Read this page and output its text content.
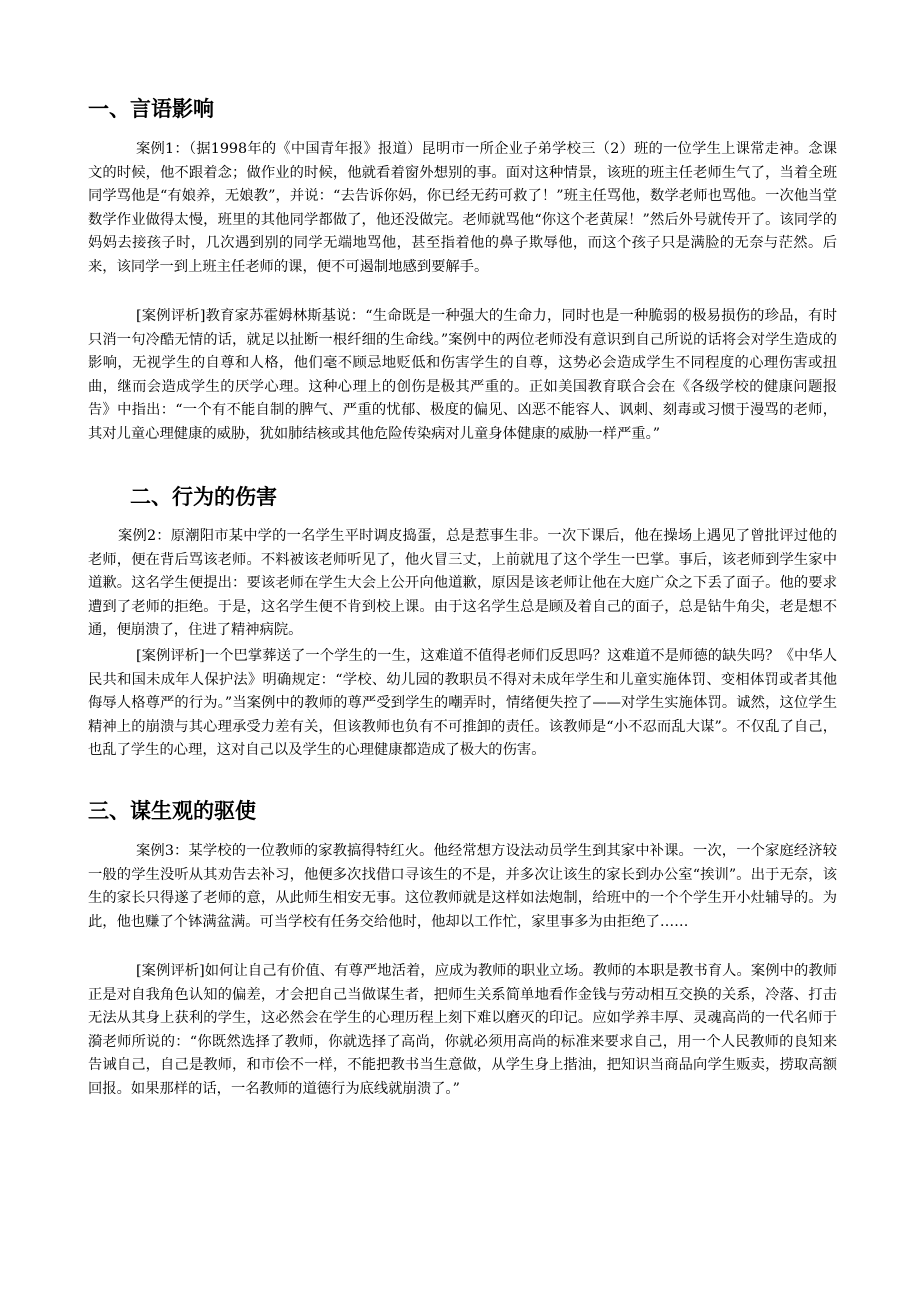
一、言语影响

案例1：（据1998年的《中国青年报》报道）昆明市一所企业子弟学校三（2）班的一位学生上课常走神。念课文的时候，他不跟着念；做作业的时候，他就看着窗外想别的事。面对这种情景，该班的班主任老师生气了，当着全班同学骂他是“有娘养，无娘教”，并说：“去告诉你妈，你已经无药可救了！”班主任骂他，数学老师也骂他。一次他当堂数学作业做得太慢，班里的其他同学都做了，他还没做完。老师就骂他“你这个老黄屎！”然后外号就传开了。该同学的妈妈去接孩子时，几次遇到别的同学无端地骂他，甚至指着他的鼻子欺辱他，而这个孩子只是满脸的无奈与茫然。后来，该同学一到上班主任老师的课，便不可遏制地感到要解手。

[案例评析]教育家苏霍姆林斯基说：“生命既是一种强大的生命力，同时也是一种脆弱的极易损伤的珍品，有时只消一句冷酷无情的话，就足以扯断一根纤细的生命线。”案例中的两位老师没有意识到自己所说的话将会对学生造成的影响，无视学生的自尊和人格，他们毫不顾忌地贬低和伤害学生的自尊，这势必会造成学生不同程度的心理伤害或扭曲，继而会造成学生的厌学心理。这种心理上的创伤是极其严重的。正如美国教育联合会在《各级学校的健康问题报告》中指出：“一个有不能自制的脾气、严重的忧郁、极度的偏见、凶恶不能容人、讽刺、刻毒或习惯于漫骂的老师，其对儿童心理健康的威胁，犹如肺结核或其他危险传染病对儿童身体健康的威胁一样严重。”

二、行为的伤害

案例2：原潮阳市某中学的一名学生平时调皮捣蛋，总是惹事生非。一次下课后，他在操场上遇见了曾批评过他的老师，便在背后骂该老师。不料被该老师听见了，他火冒三丈，上前就甩了这个学生一巴掌。事后，该老师到学生家中道歉。这名学生便提出：要该老师在学生大会上公开向他道歉，原因是该老师让他在大庭广众之下丢了面子。他的要求遭到了老师的拒绝。于是，这名学生便不肯到校上课。由于这名学生总是顾及着自己的面子，总是钻牛角尖，老是想不通，便崩溃了，住进了精神病院。

[案例评析]一个巴掌葬送了一个学生的一生，这难道不值得老师们反思吗？这难道不是师德的缺失吗？《中华人民共和国未成年人保护法》明确规定：“学校、幼儿园的教职员不得对未成年学生和儿童实施体罚、变相体罚或者其他侮辱人格尊严的行为。”当案例中的教师的尊严受到学生的嘲弄时，情绪便失控了——对学生实施体罚。诚然，这位学生精神上的崩溃与其心理承受力差有关，但该教师也负有不可推卸的责任。该教师是“小不忍而乱大谋”。不仅乱了自己，也乱了学生的心理，这对自己以及学生的心理健康都造成了极大的伤害。

三、谋生观的驱使

案例3：某学校的一位教师的家教搞得特红火。他经常想方设法动员学生到其家中补课。一次，一个家庭经济较一般的学生没听从其劝告去补习，他便多次找借口寻该生的不是，并多次让该生的家长到办公室“挨训”。出于无奈，该生的家长只得遂了老师的意，从此师生相安无事。这位教师就是这样如法炮制，给班中的一个个学生开小灶辅导的。为此，他也赚了个钵满盆满。可当学校有任务交给他时，他却以工作忙，家里事多为由拒绝了……

[案例评析]如何让自己有价值、有尊严地活着，应成为教师的职业立场。教师的本职是教书育人。案例中的教师正是对自我角色认知的偏差，才会把自己当做谋生者，把师生关系简单地看作金钱与劳动相互交换的关系，冷落、打击无法从其身上获利的学生，这必然会在学生的心理历程上刻下难以磨灭的印记。应如学养丰厚、灵魂高尚的一代名师于漪老师所说的：“你既然选择了教师，你就选择了高尚，你就必须用高尚的标准来要求自己，用一个人民教师的良知来告诫自己，自己是教师，和市侩不一样，不能把教书当生意做，从学生身上揩油，把知识当商品向学生贩卖，捞取高额回报。如果那样的话，一名教师的道德行为底线就崩溃了。”
